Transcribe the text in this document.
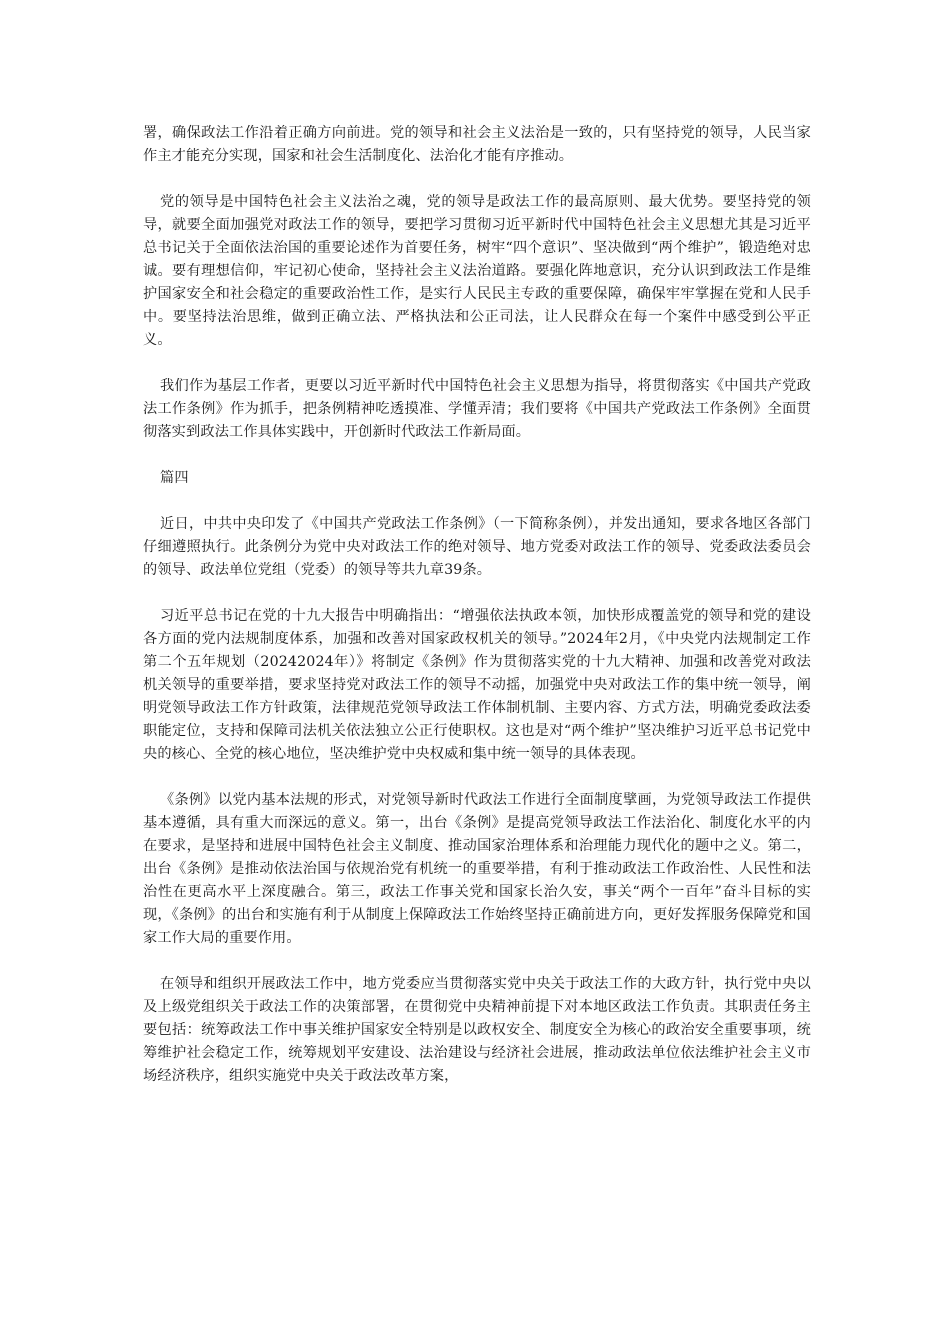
署，确保政法工作沿着正确方向前进。党的领导和社会主义法治是一致的，只有坚持党的领导，人民当家作主才能充分实现，国家和社会生活制度化、法治化才能有序推动。

党的领导是中国特色社会主义法治之魂，党的领导是政法工作的最高原则、最大优势。要坚持党的领导，就要全面加强党对政法工作的领导，要把学习贯彻习近平新时代中国特色社会主义思想尤其是习近平总书记关于全面依法治国的重要论述作为首要任务，树牢“四个意识”、坚决做到“两个维护”，锻造绝对忠诚。要有理想信仰，牢记初心使命，坚持社会主义法治道路。要强化阵地意识，充分认识到政法工作是维护国家安全和社会稳定的重要政治性工作，是实行人民民主专政的重要保障，确保牢牢掌握在党和人民手中。要坚持法治思维，做到正确立法、严格执法和公正司法，让人民群众在每一个案件中感受到公平正义。

我们作为基层工作者，更要以习近平新时代中国特色社会主义思想为指导，将贯彻落实《中国共产党政法工作条例》作为抓手，把条例精神吃透摸准、学懂弄清；我们要将《中国共产党政法工作条例》全面贯彻落实到政法工作具体实践中，开创新时代政法工作新局面。

篇四

近日，中共中央印发了《中国共产党政法工作条例》（一下简称条例），并发出通知，要求各地区各部门仔细遵照执行。此条例分为党中央对政法工作的绝对领导、地方党委对政法工作的领导、党委政法委员会的领导、政法单位党组（党委）的领导等共九章39条。

习近平总书记在党的十九大报告中明确指出：“增强依法执政本领，加快形成覆盖党的领导和党的建设各方面的党内法规制度体系，加强和改善对国家政权机关的领导。”2024年2月，《中央党内法规制定工作第二个五年规划（20242024年）》将制定《条例》作为贯彻落实党的十九大精神、加强和改善党对政法机关领导的重要举措，要求坚持党对政法工作的领导不动摇，加强党中央对政法工作的集中统一领导，阐明党领导政法工作方针政策，法律规范党领导政法工作体制机制、主要内容、方式方法，明确党委政法委职能定位，支持和保障司法机关依法独立公正行使职权。这也是对“两个维护”坚决维护习近平总书记党中央的核心、全党的核心地位，坚决维护党中央权威和集中统一领导的具体表现。

《条例》以党内基本法规的形式，对党领导新时代政法工作进行全面制度擘画，为党领导政法工作提供基本遵循，具有重大而深远的意义。第一，出台《条例》是提高党领导政法工作法治化、制度化水平的内在要求，是坚持和进展中国特色社会主义制度、推动国家治理体系和治理能力现代化的题中之义。第二，出台《条例》是推动依法治国与依规治党有机统一的重要举措，有利于推动政法工作政治性、人民性和法治性在更高水平上深度融合。第三，政法工作事关党和国家长治久安，事关“两个一百年”奋斗目标的实现，《条例》的出台和实施有利于从制度上保障政法工作始终坚持正确前进方向，更好发挥服务保障党和国家工作大局的重要作用。

在领导和组织开展政法工作中，地方党委应当贯彻落实党中央关于政法工作的大政方针，执行党中央以及上级党组织关于政法工作的决策部署，在贯彻党中央精神前提下对本地区政法工作负责。其职责任务主要包括：统筹政法工作中事关维护国家安全特别是以政权安全、制度安全为核心的政治安全重要事项，统筹维护社会稳定工作，统筹规划平安建设、法治建设与经济社会进展，推动政法单位依法维护社会主义市场经济秩序，组织实施党中央关于政法改革方案，
